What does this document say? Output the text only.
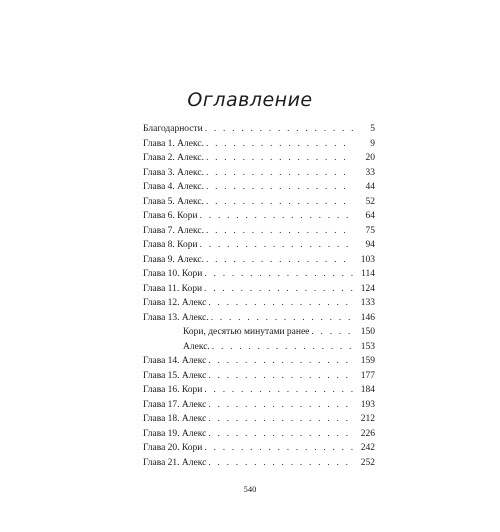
Оглавление
Благодарности . . .	5
Глава 1. Алекс. . . .	9
Глава 2. Алекс. . . .	20
Глава 3. Алекс. . . .	33
Глава 4. Алекс. . . .	44
Глава 5. Алекс. . . .	52
Глава 6. Кори . . .	64
Глава 7. Алекс. . . .	75
Глава 8. Кори . . .	94
Глава 9. Алекс. . . .	103
Глава 10. Кори . . .	114
Глава 11. Кори . . .	124
Глава 12. Алекс . . .	133
Глава 13. Алекс. . . .	146
Кори, десятью минутами ранее . . .	150
Алекс. . . .	153
Глава 14. Алекс . . .	159
Глава 15. Алекс . . .	177
Глава 16. Кори . . .	184
Глава 17. Алекс . . .	193
Глава 18. Алекс . . .	212
Глава 19. Алекс . . .	226
Глава 20. Кори . . .	242
Глава 21. Алекс . . .	252
540
